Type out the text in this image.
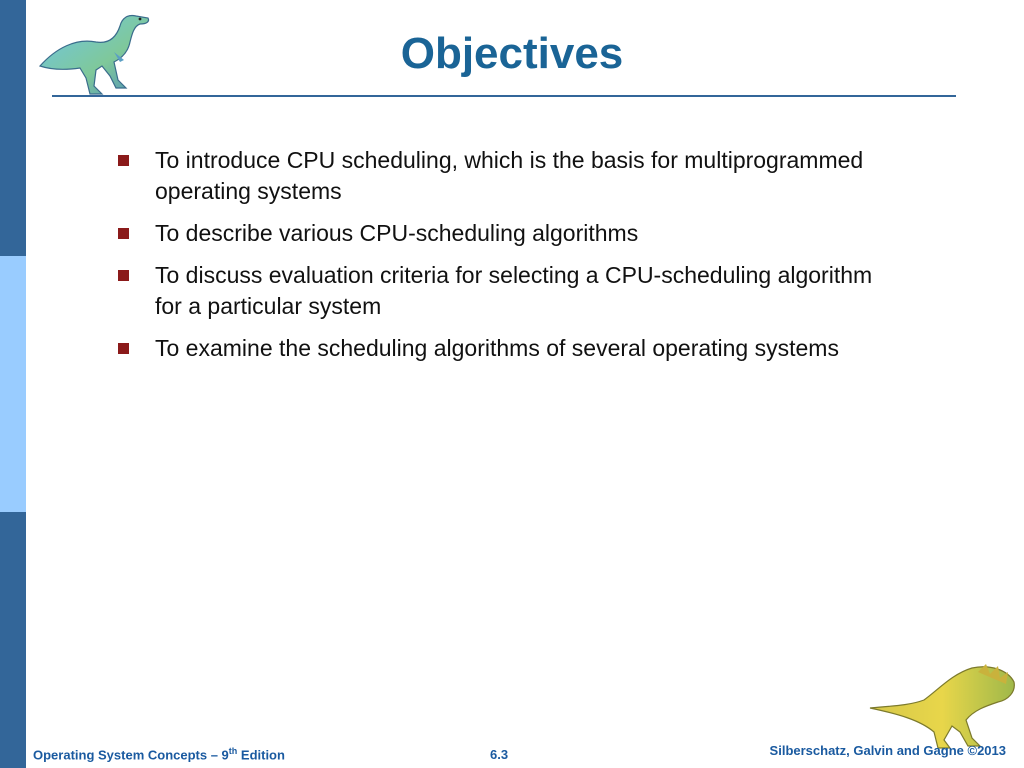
Objectives
To introduce CPU scheduling, which is the basis for multiprogrammed operating systems
To describe various CPU-scheduling algorithms
To discuss evaluation criteria for selecting a CPU-scheduling algorithm for a particular system
To examine the scheduling algorithms of several operating systems
Operating System Concepts – 9th Edition	6.3	Silberschatz, Galvin and Gagne ©2013
